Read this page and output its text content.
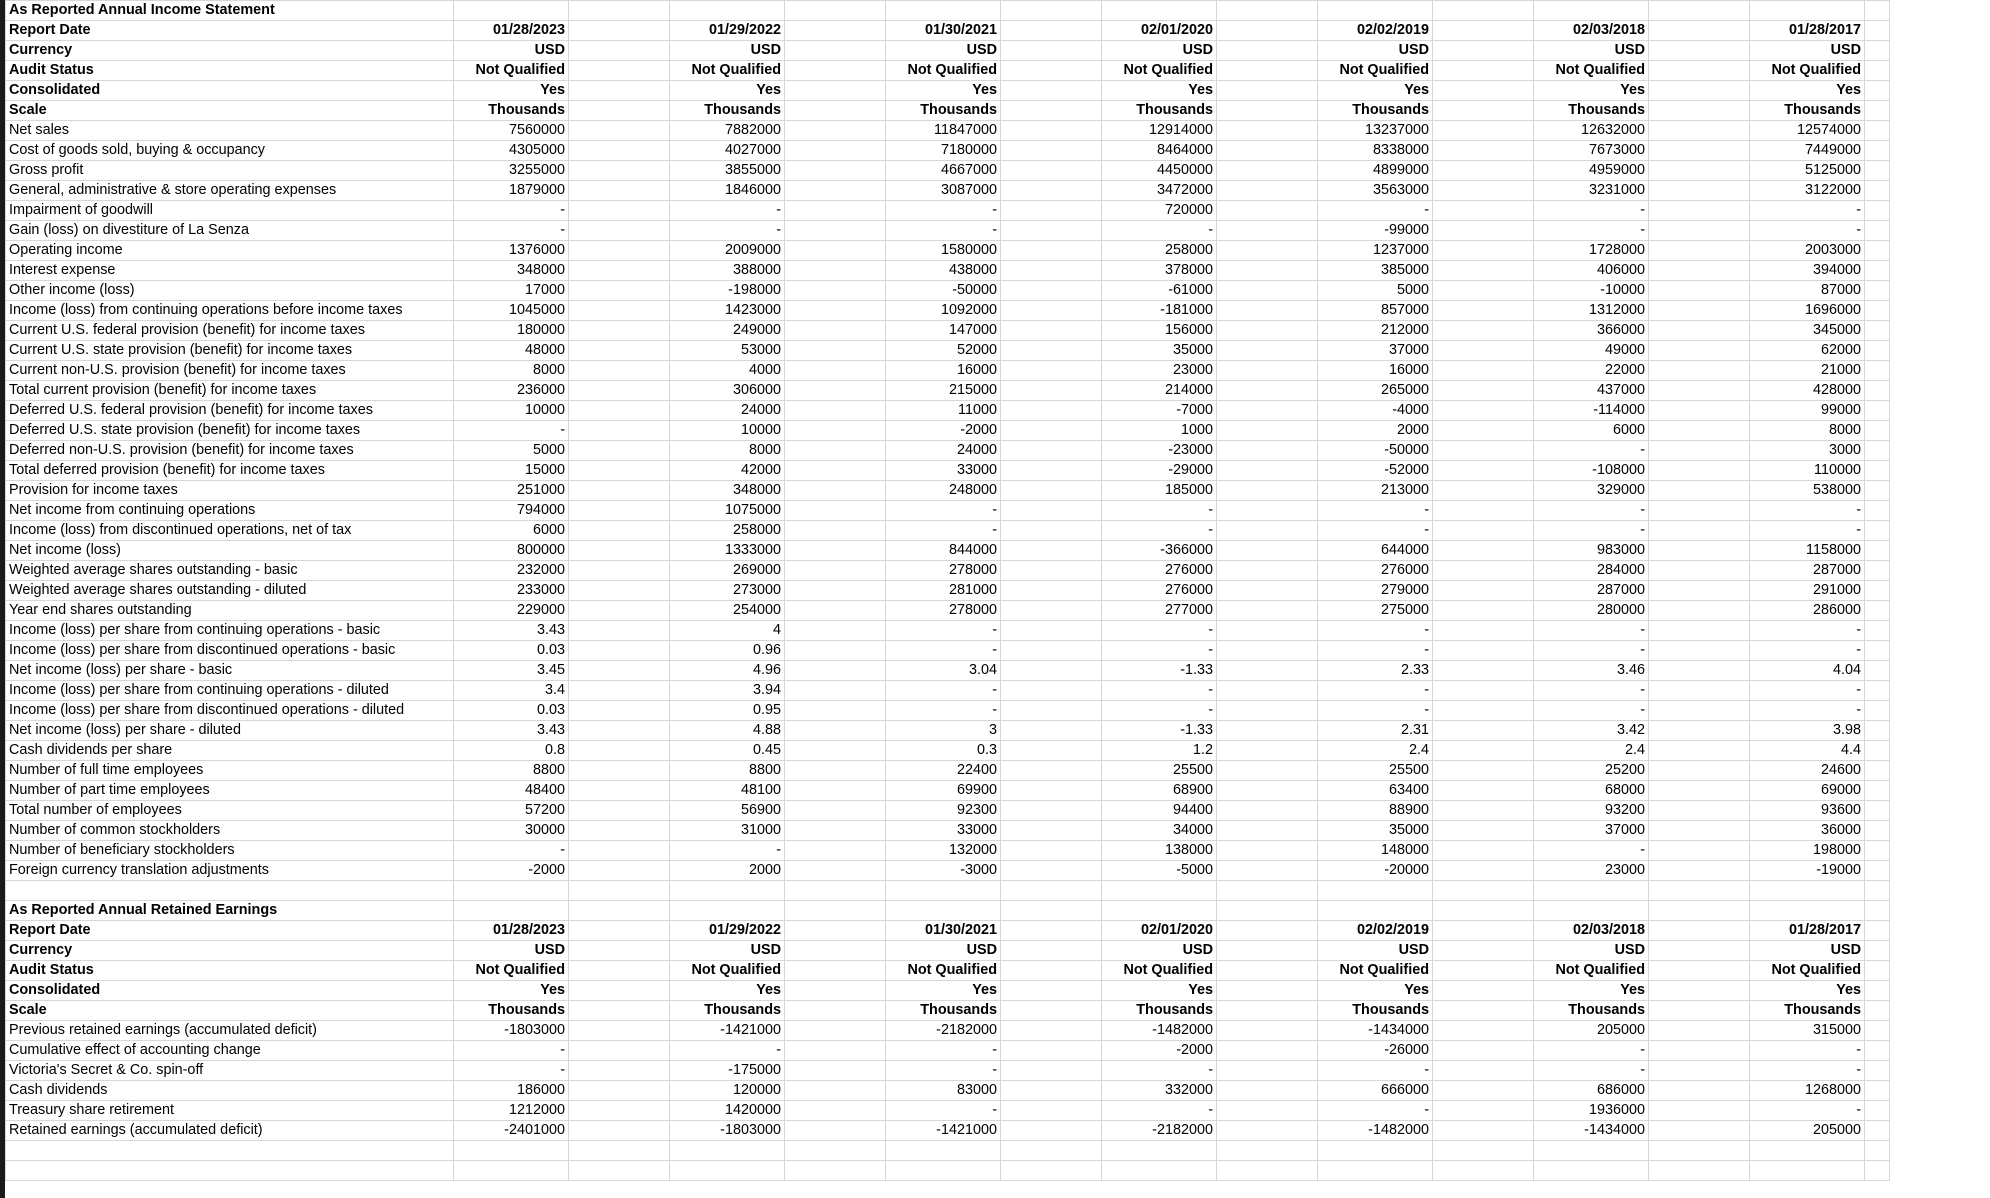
As Reported Annual Income Statement														
Report Date	01/28/2023		01/29/2022		01/30/2021		02/01/2020		02/02/2019		02/03/2018		01/28/2017	
Currency	USD		USD		USD		USD		USD		USD		USD	
Audit Status	Not Qualified		Not Qualified		Not Qualified		Not Qualified		Not Qualified		Not Qualified		Not Qualified	
Consolidated	Yes		Yes		Yes		Yes		Yes		Yes		Yes	
Scale	Thousands		Thousands		Thousands		Thousands		Thousands		Thousands		Thousands	
Net sales	7560000		7882000		11847000		12914000		13237000		12632000		12574000	
Cost of goods sold, buying & occupancy	4305000		4027000		7180000		8464000		8338000		7673000		7449000	
Gross profit	3255000		3855000		4667000		4450000		4899000		4959000		5125000	
General, administrative & store operating expenses	1879000		1846000		3087000		3472000		3563000		3231000		3122000	
Impairment of goodwill	-		-		-		720000		-		-		-	
Gain (loss) on divestiture of La Senza	-		-		-		-		-99000		-		-	
Operating income	1376000		2009000		1580000		258000		1237000		1728000		2003000	
Interest expense	348000		388000		438000		378000		385000		406000		394000	
Other income (loss)	17000		-198000		-50000		-61000		5000		-10000		87000	
Income (loss) from continuing operations before income taxes	1045000		1423000		1092000		-181000		857000		1312000		1696000	
Current U.S. federal provision (benefit) for income taxes	180000		249000		147000		156000		212000		366000		345000	
Current U.S. state provision (benefit) for income taxes	48000		53000		52000		35000		37000		49000		62000	
Current non-U.S. provision (benefit) for income taxes	8000		4000		16000		23000		16000		22000		21000	
Total current provision (benefit) for income taxes	236000		306000		215000		214000		265000		437000		428000	
Deferred U.S. federal provision (benefit) for income taxes	10000		24000		11000		-7000		-4000		-114000		99000	
Deferred U.S. state provision (benefit) for income taxes	-		10000		-2000		1000		2000		6000		8000	
Deferred non-U.S. provision (benefit) for income taxes	5000		8000		24000		-23000		-50000		-		3000	
Total deferred provision (benefit) for income taxes	15000		42000		33000		-29000		-52000		-108000		110000	
Provision for income taxes	251000		348000		248000		185000		213000		329000		538000	
Net income from continuing operations	794000		1075000		-		-		-		-		-	
Income (loss) from discontinued operations, net of tax	6000		258000		-		-		-		-		-	
Net income (loss)	800000		1333000		844000		-366000		644000		983000		1158000	
Weighted average shares outstanding - basic	232000		269000		278000		276000		276000		284000		287000	
Weighted average shares outstanding - diluted	233000		273000		281000		276000		279000		287000		291000	
Year end shares outstanding	229000		254000		278000		277000		275000		280000		286000	
Income (loss) per share from continuing operations - basic	3.43		4		-		-		-		-		-	
Income (loss) per share from discontinued operations - basic	0.03		0.96		-		-		-		-		-	
Net income (loss) per share - basic	3.45		4.96		3.04		-1.33		2.33		3.46		4.04	
Income (loss) per share from continuing operations - diluted	3.4		3.94		-		-		-		-		-	
Income (loss) per share from discontinued operations - diluted	0.03		0.95		-		-		-		-		-	
Net income (loss) per share - diluted	3.43		4.88		3		-1.33		2.31		3.42		3.98	
Cash dividends per share	0.8		0.45		0.3		1.2		2.4		2.4		4.4	
Number of full time employees	8800		8800		22400		25500		25500		25200		24600	
Number of part time employees	48400		48100		69900		68900		63400		68000		69000	
Total number of employees	57200		56900		92300		94400		88900		93200		93600	
Number of common stockholders	30000		31000		33000		34000		35000		37000		36000	
Number of beneficiary stockholders	-		-		132000		138000		148000		-		198000	
Foreign currency translation adjustments	-2000		2000		-3000		-5000		-20000		23000		-19000	

As Reported Annual Retained Earnings														
Report Date	01/28/2023		01/29/2022		01/30/2021		02/01/2020		02/02/2019		02/03/2018		01/28/2017	
Currency	USD		USD		USD		USD		USD		USD		USD	
Audit Status	Not Qualified		Not Qualified		Not Qualified		Not Qualified		Not Qualified		Not Qualified		Not Qualified	
Consolidated	Yes		Yes		Yes		Yes		Yes		Yes		Yes	
Scale	Thousands		Thousands		Thousands		Thousands		Thousands		Thousands		Thousands	
Previous retained earnings (accumulated deficit)	-1803000		-1421000		-2182000		-1482000		-1434000		205000		315000	
Cumulative effect of accounting change	-		-		-		-2000		-26000		-		-	
Victoria's Secret & Co. spin-off	-		-175000		-		-		-		-		-	
Cash dividends	186000		120000		83000		332000		666000		686000		1268000	
Treasury share retirement	1212000		1420000		-		-		-		1936000		-	
Retained earnings (accumulated deficit)	-2401000		-1803000		-1421000		-2182000		-1482000		-1434000		205000	
